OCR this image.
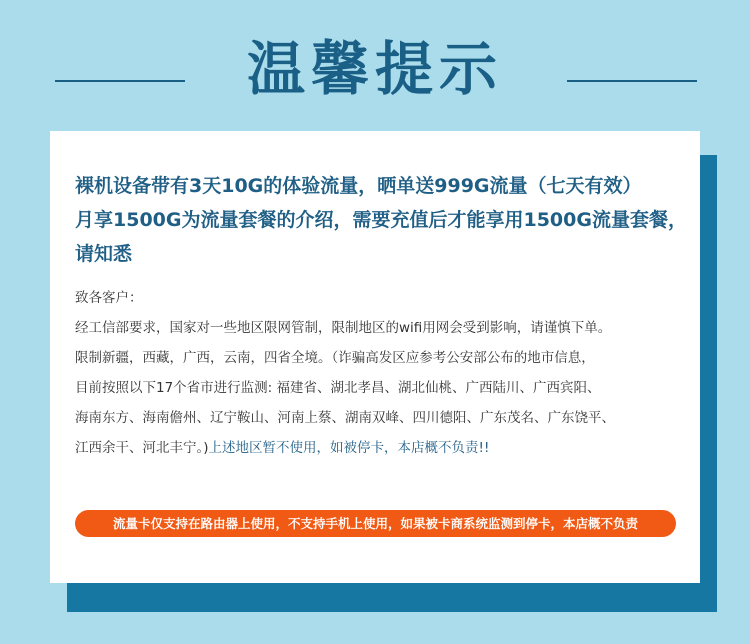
温馨提示
裸机设备带有3天10G的体验流量，晒单送999G流量（七天有效）
月享1500G为流量套餐的介绍，需要充值后才能享用1500G流量套餐，
请知悉
致各客户：
经工信部要求，国家对一些地区限网管制，限制地区的wifi用网会受到影响，请谨慎下单。
限制新疆，西藏，广西，云南，四省全境。（诈骗高发区应参考公安部公布的地市信息，
目前按照以下17个省市进行监测: 福建省、湖北孝昌、湖北仙桃、广西陆川、广西宾阳、
海南东方、海南儋州、辽宁鞍山、河南上蔡、湖南双峰、四川德阳、广东茂名、广东饶平、
江西余干、河北丰宁。)上述地区暂不使用，如被停卡，本店概不负责!!
流量卡仅支持在路由器上使用，不支持手机上使用，如果被卡商系统监测到停卡，本店概不负责
